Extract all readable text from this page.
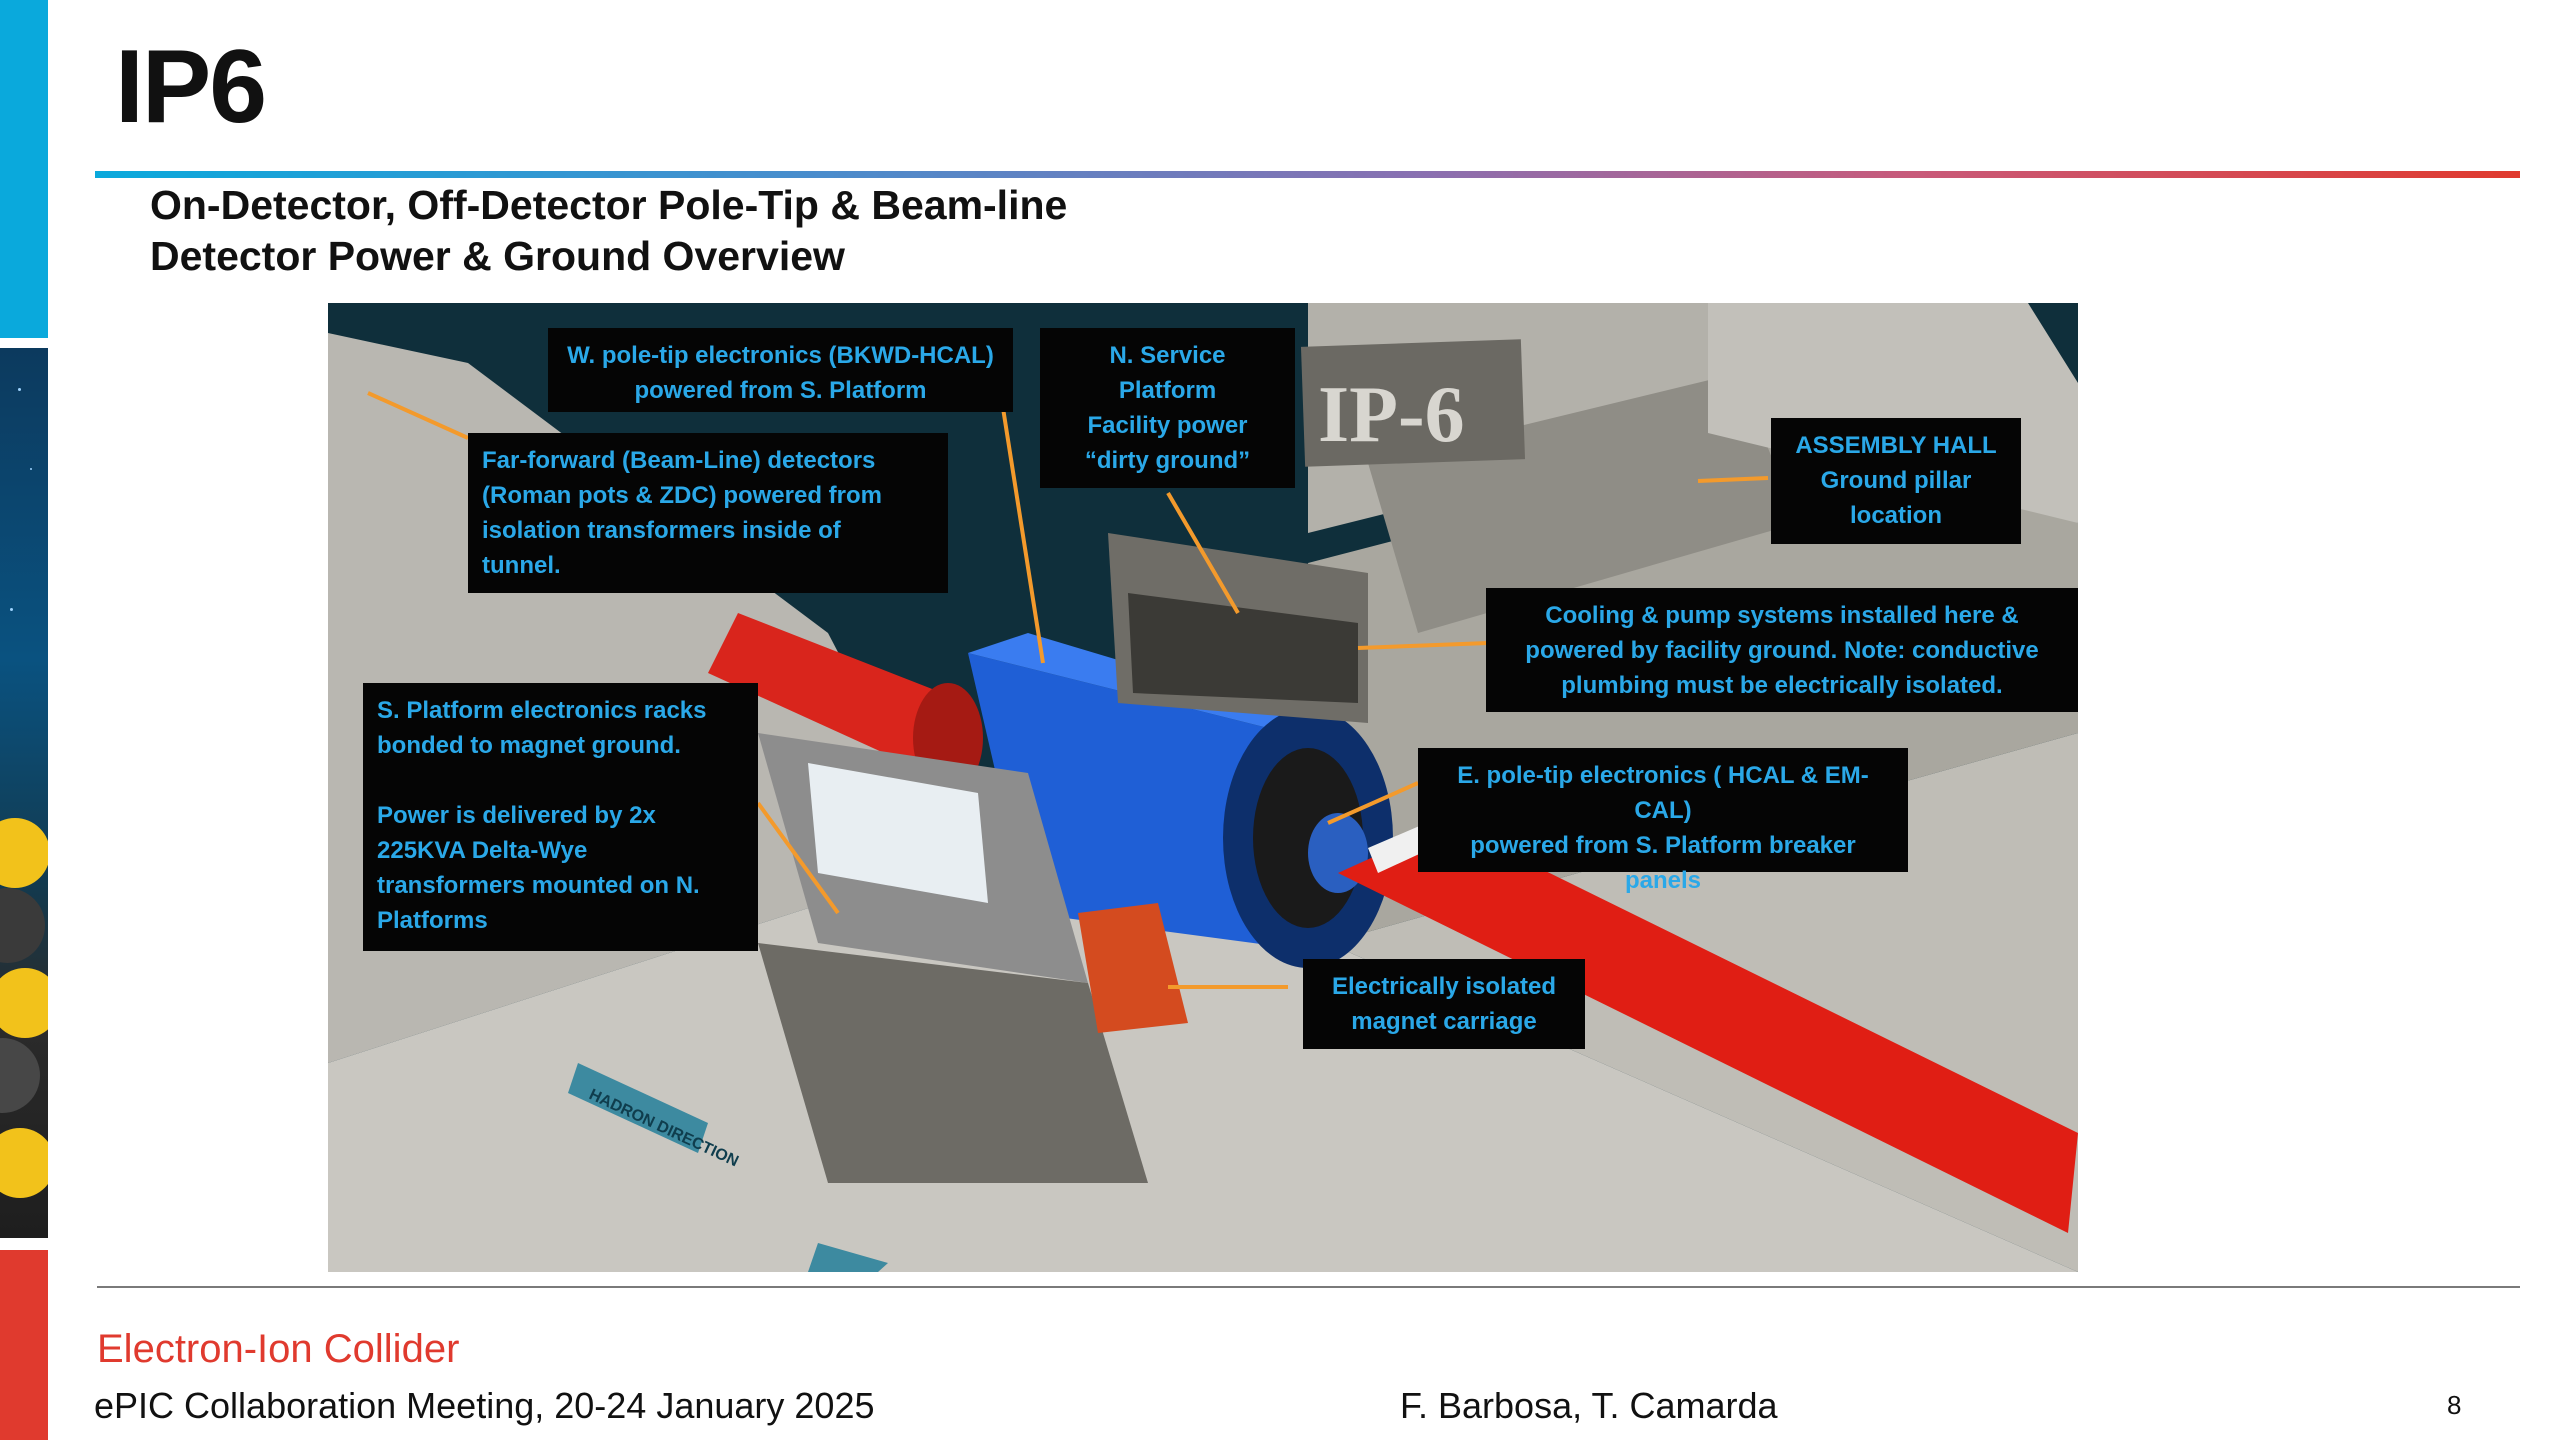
IP6
On-Detector, Off-Detector Pole-Tip & Beam-line
Detector Power & Ground Overview
IP-6
HADRON DIRECTION
W. pole-tip electronics (BKWD-HCAL)
powered from S. Platform
N. Service
Platform
Facility power
“dirty ground”
Far-forward (Beam-Line) detectors
(Roman pots & ZDC) powered from
isolation transformers inside of
tunnel.
ASSEMBLY HALL
Ground pillar
location
Cooling & pump systems installed here &
powered by facility ground. Note: conductive
plumbing must be electrically isolated.
S. Platform electronics racks
bonded to magnet ground.

Power is delivered by 2x
225KVA Delta-Wye
transformers mounted on N.
Platforms
E. pole-tip electronics ( HCAL & EM-CAL)
powered from S. Platform breaker
panels
Electrically isolated
magnet carriage
Electron-Ion Collider
ePIC Collaboration Meeting, 20-24 January 2025	F. Barbosa, T. Camarda	8
